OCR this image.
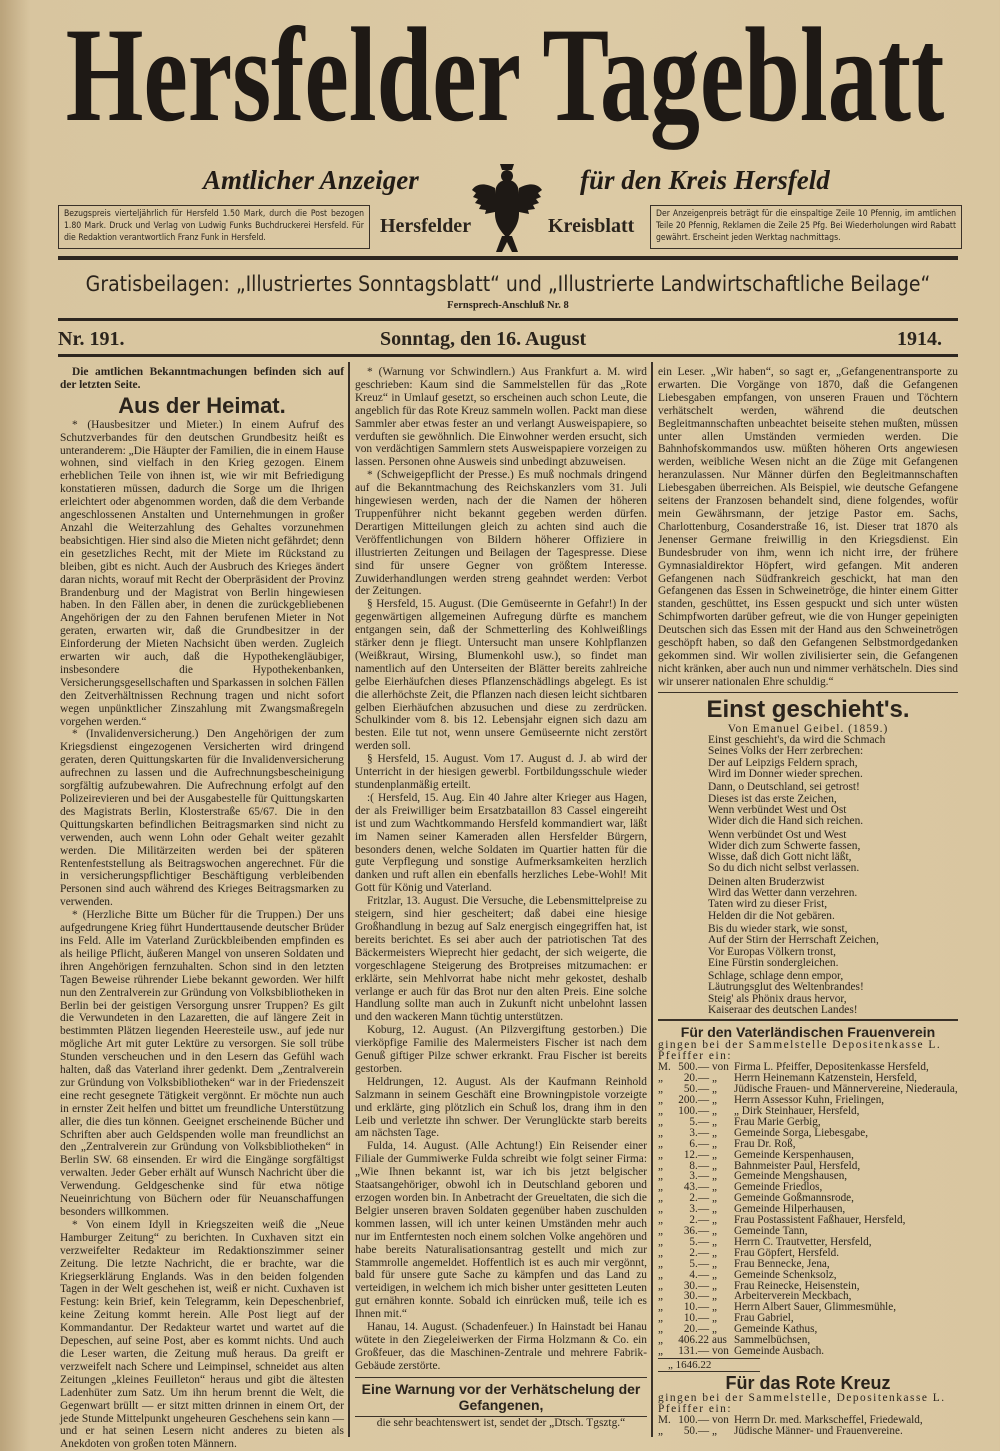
Hersfelder Tageblatt
Amtlicher Anzeiger	für den Kreis Hersfeld
Bezugspreis vierteljährlich für Hersfeld 1.50 Mark, durch die Post bezogen 1.80 Mark. Druck und Verlag von Ludwig Funks Buchdruckerei Hersfeld. Für die Redaktion verantwortlich Franz Funk in Hersfeld.
Der Anzeigenpreis beträgt für die einspaltige Zeile 10 Pfennig, im amtlichen Teile 20 Pfennig, Reklamen die Zeile 25 Pfg. Bei Wiederholungen wird Rabatt gewährt. Erscheint jeden Werktag nachmittags.
Hersfelder	Kreisblatt
Gratisbeilagen: „Illustriertes Sonntagsblatt“ und „Illustrierte Landwirtschaftliche Beilage“
Fernsprech-Anschluß Nr. 8
Nr. 191.	Sonntag, den 16. August	1914.

Die amtlichen Bekanntmachungen befinden sich auf der letzten Seite.

Aus der Heimat.

* (Hausbesitzer und Mieter.) In einem Aufruf des Schutzverbandes für den deutschen Grundbesitz heißt es unteranderem: „Die Häupter der Familien, die in einem Hause wohnen, sind vielfach in den Krieg gezogen. Einem erheblichen Teile von ihnen ist, wie wir mit Befriedigung konstatieren müssen, dadurch die Sorge um die Ihrigen erleichtert oder abgenommen worden, daß die dem Verbande angeschlossenen Anstalten und Unternehmungen in großer Anzahl die Weiterzahlung des Gehaltes vorzunehmen beabsichtigen. Hier sind also die Mieten nicht gefährdet; denn ein gesetzliches Recht, mit der Miete im Rückstand zu bleiben, gibt es nicht. Auch der Ausbruch des Krieges ändert daran nichts, worauf mit Recht der Oberpräsident der Provinz Brandenburg und der Magistrat von Berlin hingewiesen haben. In den Fällen aber, in denen die zurückgebliebenen Angehörigen der zu den Fahnen berufenen Mieter in Not geraten, erwarten wir, daß die Grundbesitzer in der Einforderung der Mieten Nachsicht üben werden. Zugleich erwarten wir auch, daß die Hypothekengläubiger, insbesondere die Hypothekenbanken, Versicherungsgesellschaften und Sparkassen in solchen Fällen den Zeitverhältnissen Rechnung tragen und nicht sofort wegen unpünktlicher Zinszahlung mit Zwangsmaßregeln vorgehen werden.“

* (Invalidenversicherung.) Den Angehörigen der zum Kriegsdienst eingezogenen Versicherten wird dringend geraten, deren Quittungskarten für die Invalidenversicherung aufrechnen zu lassen und die Aufrechnungsbescheinigung sorgfältig aufzubewahren. Die Aufrechnung erfolgt auf den Polizeirevieren und bei der Ausgabestelle für Quittungskarten des Magistrats Berlin, Klosterstraße 65/67. Die in den Quittungskarten befindlichen Beitragsmarken sind nicht zu verwenden, auch wenn Lohn oder Gehalt weiter gezahlt werden. Die Militärzeiten werden bei der späteren Rentenfeststellung als Beitragswochen angerechnet. Für die in versicherungspflichtiger Beschäftigung verbleibenden Personen sind auch während des Krieges Beitragsmarken zu verwenden.

* (Herzliche Bitte um Bücher für die Truppen.) Der uns aufgedrungene Krieg führt Hunderttausende deutscher Brüder ins Feld. Alle im Vaterland Zurückbleibenden empfinden es als heilige Pflicht, äußeren Mangel von unseren Soldaten und ihren Angehörigen fernzuhalten. Schon sind in den letzten Tagen Beweise rührender Liebe bekannt geworden. Wer hilft nun den Zentralverein zur Gründung von Volksbibliotheken in Berlin bei der geistigen Versorgung unsrer Truppen? Es gilt die Verwundeten in den Lazaretten, die auf längere Zeit in bestimmten Plätzen liegenden Heeresteile usw., auf jede nur mögliche Art mit guter Lektüre zu versorgen. Sie soll trübe Stunden verscheuchen und in den Lesern das Gefühl wach halten, daß das Vaterland ihrer gedenkt. Dem „Zentralverein zur Gründung von Volksbibliotheken“ war in der Friedenszeit eine recht gesegnete Tätigkeit vergönnt. Er möchte nun auch in ernster Zeit helfen und bittet um freundliche Unterstützung aller, die dies tun können. Geeignet erscheinende Bücher und Schriften aber auch Geldspenden wolle man freundlichst an den „Zentralverein zur Gründung von Volksbibliotheken“ in Berlin SW. 68 einsenden. Er wird die Eingänge sorgfältigst verwalten. Jeder Geber erhält auf Wunsch Nachricht über die Verwendung. Geldgeschenke sind für etwa nötige Neueinrichtung von Büchern oder für Neuanschaffungen besonders willkommen.

* Von einem Idyll in Kriegszeiten weiß die „Neue Hamburger Zeitung“ zu berichten. In Cuxhaven sitzt ein verzweifelter Redakteur im Redaktionszimmer seiner Zeitung. Die letzte Nachricht, die er brachte, war die Kriegserklärung Englands. Was in den beiden folgenden Tagen in der Welt geschehen ist, weiß er nicht. Cuxhaven ist Festung: kein Brief, kein Telegramm, kein Depeschenbrief, keine Zeitung kommt herein. Alle Post liegt auf der Kommandantur. Der Redakteur wartet und wartet auf die Depeschen, auf seine Post, aber es kommt nichts. Und auch die Leser warten, die Zeitung muß heraus. Da greift er verzweifelt nach Schere und Leimpinsel, schneidet aus alten Zeitungen „kleines Feuilleton“ heraus und gibt die ältesten Ladenhüter zum Satz. Um ihn herum brennt die Welt, die Gegenwart brüllt — er sitzt mitten drinnen in einem Ort, der jede Stunde Mittelpunkt ungeheuren Geschehens sein kann — und er hat seinen Lesern nicht anderes zu bieten als Anekdoten von großen toten Männern.

* (Warnung vor Schwindlern.) Aus Frankfurt a. M. wird geschrieben: Kaum sind die Sammelstellen für das „Rote Kreuz“ in Umlauf gesetzt, so erscheinen auch schon Leute, die angeblich für das Rote Kreuz sammeln wollen. Packt man diese Sammler aber etwas fester an und verlangt Ausweispapiere, so verduften sie gewöhnlich. Die Einwohner werden ersucht, sich von verdächtigen Sammlern stets Ausweispapiere vorzeigen zu lassen. Personen ohne Ausweis sind unbedingt abzuweisen.

* (Schweigepflicht der Presse.) Es muß nochmals dringend auf die Bekanntmachung des Reichskanzlers vom 31. Juli hingewiesen werden, nach der die Namen der höheren Truppenführer nicht bekannt gegeben werden dürfen. Derartigen Mitteilungen gleich zu achten sind auch die Veröffentlichungen von Bildern höherer Offiziere in illustrierten Zeitungen und Beilagen der Tagespresse. Diese sind für unsere Gegner von größtem Interesse. Zuwiderhandlungen werden streng geahndet werden: Verbot der Zeitungen.

§ Hersfeld, 15. August. (Die Gemüseernte in Gefahr!) In der gegenwärtigen allgemeinen Aufregung dürfte es manchem entgangen sein, daß der Schmetterling des Kohlweißlings stärker denn je fliegt. Untersucht man unsere Kohlpflanzen (Weißkraut, Wirsing, Blumenkohl usw.), so findet man namentlich auf den Unterseiten der Blätter bereits zahlreiche gelbe Eierhäufchen dieses Pflanzenschädlings abgelegt. Es ist die allerhöchste Zeit, die Pflanzen nach diesen leicht sichtbaren gelben Eierhäufchen abzusuchen und diese zu zerdrücken. Schulkinder vom 8. bis 12. Lebensjahr eignen sich dazu am besten. Eile tut not, wenn unsere Gemüseernte nicht zerstört werden soll.

§ Hersfeld, 15. August. Vom 17. August d. J. ab wird der Unterricht in der hiesigen gewerbl. Fortbildungsschule wieder stundenplanmäßig erteilt.

:( Hersfeld, 15. Aug. Ein 40 Jahre alter Krieger aus Hagen, der als Freiwilliger beim Ersatzbataillon 83 Cassel eingereiht ist und zum Wachtkommando Hersfeld kommandiert war, läßt im Namen seiner Kameraden allen Hersfelder Bürgern, besonders denen, welche Soldaten im Quartier hatten für die gute Verpflegung und sonstige Aufmerksamkeiten herzlich danken und ruft allen ein ebenfalls herzliches Lebe-Wohl! Mit Gott für König und Vaterland.

Fritzlar, 13. August. Die Versuche, die Lebensmittelpreise zu steigern, sind hier gescheitert; daß dabei eine hiesige Großhandlung in bezug auf Salz energisch eingegriffen hat, ist bereits berichtet. Es sei aber auch der patriotischen Tat des Bäckermeisters Wieprecht hier gedacht, der sich weigerte, die vorgeschlagene Steigerung des Brotpreises mitzumachen: er erklärte, sein Mehlvorrat habe nicht mehr gekostet, deshalb verlange er auch für das Brot nur den alten Preis. Eine solche Handlung sollte man auch in Zukunft nicht unbelohnt lassen und den wackeren Mann tüchtig unterstützen.

Koburg, 12. August. (An Pilzvergiftung gestorben.) Die vierköpfige Familie des Malermeisters Fischer ist nach dem Genuß giftiger Pilze schwer erkrankt. Frau Fischer ist bereits gestorben.

Heldrungen, 12. August. Als der Kaufmann Reinhold Salzmann in seinem Geschäft eine Browningpistole vorzeigte und erklärte, ging plötzlich ein Schuß los, drang ihm in den Leib und verletzte ihn schwer. Der Verunglückte starb bereits am nächsten Tage.

Fulda, 14. August. (Alle Achtung!) Ein Reisender einer Filiale der Gummiwerke Fulda schreibt wie folgt seiner Firma: „Wie Ihnen bekannt ist, war ich bis jetzt belgischer Staatsangehöriger, obwohl ich in Deutschland geboren und erzogen worden bin. In Anbetracht der Greueltaten, die sich die Belgier unseren braven Soldaten gegenüber haben zuschulden kommen lassen, will ich unter keinen Umständen mehr auch nur im Entferntesten noch einem solchen Volke angehören und habe bereits Naturalisationsantrag gestellt und mich zur Stammrolle angemeldet. Hoffentlich ist es auch mir vergönnt, bald für unsere gute Sache zu kämpfen und das Land zu verteidigen, in welchem ich mich bisher unter gesitteten Leuten gut ernähren konnte. Sobald ich einrücken muß, teile ich es Ihnen mit.“

Hanau, 14. August. (Schadenfeuer.) In Hainstadt bei Hanau wütete in den Ziegeleiwerken der Firma Holzmann & Co. ein Großfeuer, das die Maschinen-Zentrale und mehrere Fabrik-Gebäude zerstörte.

Eine Warnung vor der Verhätschelung der Gefangenen,
die sehr beachtenswert ist, sendet der „Dtsch. Tgsztg.“

ein Leser. „Wir haben“, so sagt er, „Gefangenentransporte zu erwarten. Die Vorgänge von 1870, daß die Gefangenen Liebesgaben empfangen, von unseren Frauen und Töchtern verhätschelt werden, während die deutschen Begleitmannschaften unbeachtet beiseite stehen mußten, müssen unter allen Umständen vermieden werden. Die Bahnhofskommandos usw. müßten höheren Orts angewiesen werden, weibliche Wesen nicht an die Züge mit Gefangenen heranzulassen. Nur Männer dürfen den Begleitmannschaften Liebesgaben überreichen. Als Beispiel, wie deutsche Gefangene seitens der Franzosen behandelt sind, diene folgendes, wofür mein Gewährsmann, der jetzige Pastor em. Sachs, Charlottenburg, Cosanderstraße 16, ist. Dieser trat 1870 als Jenenser Germane freiwillig in den Kriegsdienst. Ein Bundesbruder von ihm, wenn ich nicht irre, der frühere Gymnasialdirektor Höpfert, wird gefangen. Mit anderen Gefangenen nach Südfrankreich geschickt, hat man den Gefangenen das Essen in Schweinetröge, die hinter einem Gitter standen, geschüttet, ins Essen gespuckt und sich unter wüsten Schimpfworten darüber gefreut, wie die von Hunger gepeinigten Deutschen sich das Essen mit der Hand aus den Schweinetrögen geschöpft haben, so daß den Gefangenen Selbstmordgedanken gekommen sind. Wir wollen zivilisierter sein, die Gefangenen nicht kränken, aber auch nun und nimmer verhätscheln. Dies sind wir unserer nationalen Ehre schuldig.“

Einst geschieht's.
Von Emanuel Geibel. (1859.)
Einst geschieht's, da wird die Schmach
Seines Volks der Herr zerbrechen:
Der auf Leipzigs Feldern sprach,
Wird im Donner wieder sprechen.
Dann, o Deutschland, sei getrost!
Dieses ist das erste Zeichen,
Wenn verbündet West und Ost
Wider dich die Hand sich reichen.
Wenn verbündet Ost und West
Wider dich zum Schwerte fassen,
Wisse, daß dich Gott nicht läßt,
So du dich nicht selbst verlassen.
Deinen alten Bruderzwist
Wird das Wetter dann verzehren.
Taten wird zu dieser Frist,
Helden dir die Not gebären.
Bis du wieder stark, wie sonst,
Auf der Stirn der Herrschaft Zeichen,
Vor Europas Völkern tronst,
Eine Fürstin sondergleichen.
Schlage, schlage denn empor,
Läutrungsglut des Weltenbrandes!
Steig' als Phönix draus hervor,
Kaiseraar des deutschen Landes!
Für den Vaterländischen Frauenverein
gingen bei der Sammelstelle Depositenkasse L. Pfeiffer ein:
M. 500.— von Firma L. Pfeiffer, Depositenkasse Hersfeld,
„	20.— „	Herrn Heinemann Katzenstein, Hersfeld,
„	50.— „	Jüdische Frauen- und Männervereine, Niederaula,
„	200.— „	Herrn Assessor Kuhn, Frielingen,
„	100.— „	„ Dirk Steinhauer, Hersfeld,
„	5.— „	Frau Marie Gerbig,
„	3.— „	Gemeinde Sorga, Liebesgabe,
„	6.— „	Frau Dr. Roß,
„	12.— „	Gemeinde Kerspenhausen,
„	8.— „	Bahnmeister Paul, Hersfeld,
„	3.— „	Gemeinde Mengshausen,
„	43.— „	Gemeinde Friedlos,
„	2.— „	Gemeinde Goßmannsrode,
„	3.— „	Gemeinde Hilperhausen,
„	2.— „	Frau Postassistent Faßhauer, Hersfeld,
„	36.— „	Gemeinde Tann,
„	5.— „	Herrn C. Trautvetter, Hersfeld,
„	2.— „	Frau Göpfert, Hersfeld.
„	5.— „	Frau Bennecke, Jena,
„	4.— „	Gemeinde Schenksolz,
„	30.— „	Frau Reinecke, Heisenstein,
„	30.— „	Arbeiterverein Meckbach,
„	10.— „	Herrn Albert Sauer, Glimmesmühle,
„	10.— „	Frau Gabriel,
„	20.— „	Gemeinde Kathus,
„	406.22 aus Sammelbüchsen,
„	131.— von Gemeinde Ausbach.
„ 1646.22
Für das Rote Kreuz
gingen bei der Sammelstelle, Depositenkasse L. Pfeiffer ein:
M. 100.— von Herrn Dr. med. Markscheffel, Friedewald,
„	50.— „	Jüdische Männer- und Frauenvereine.
